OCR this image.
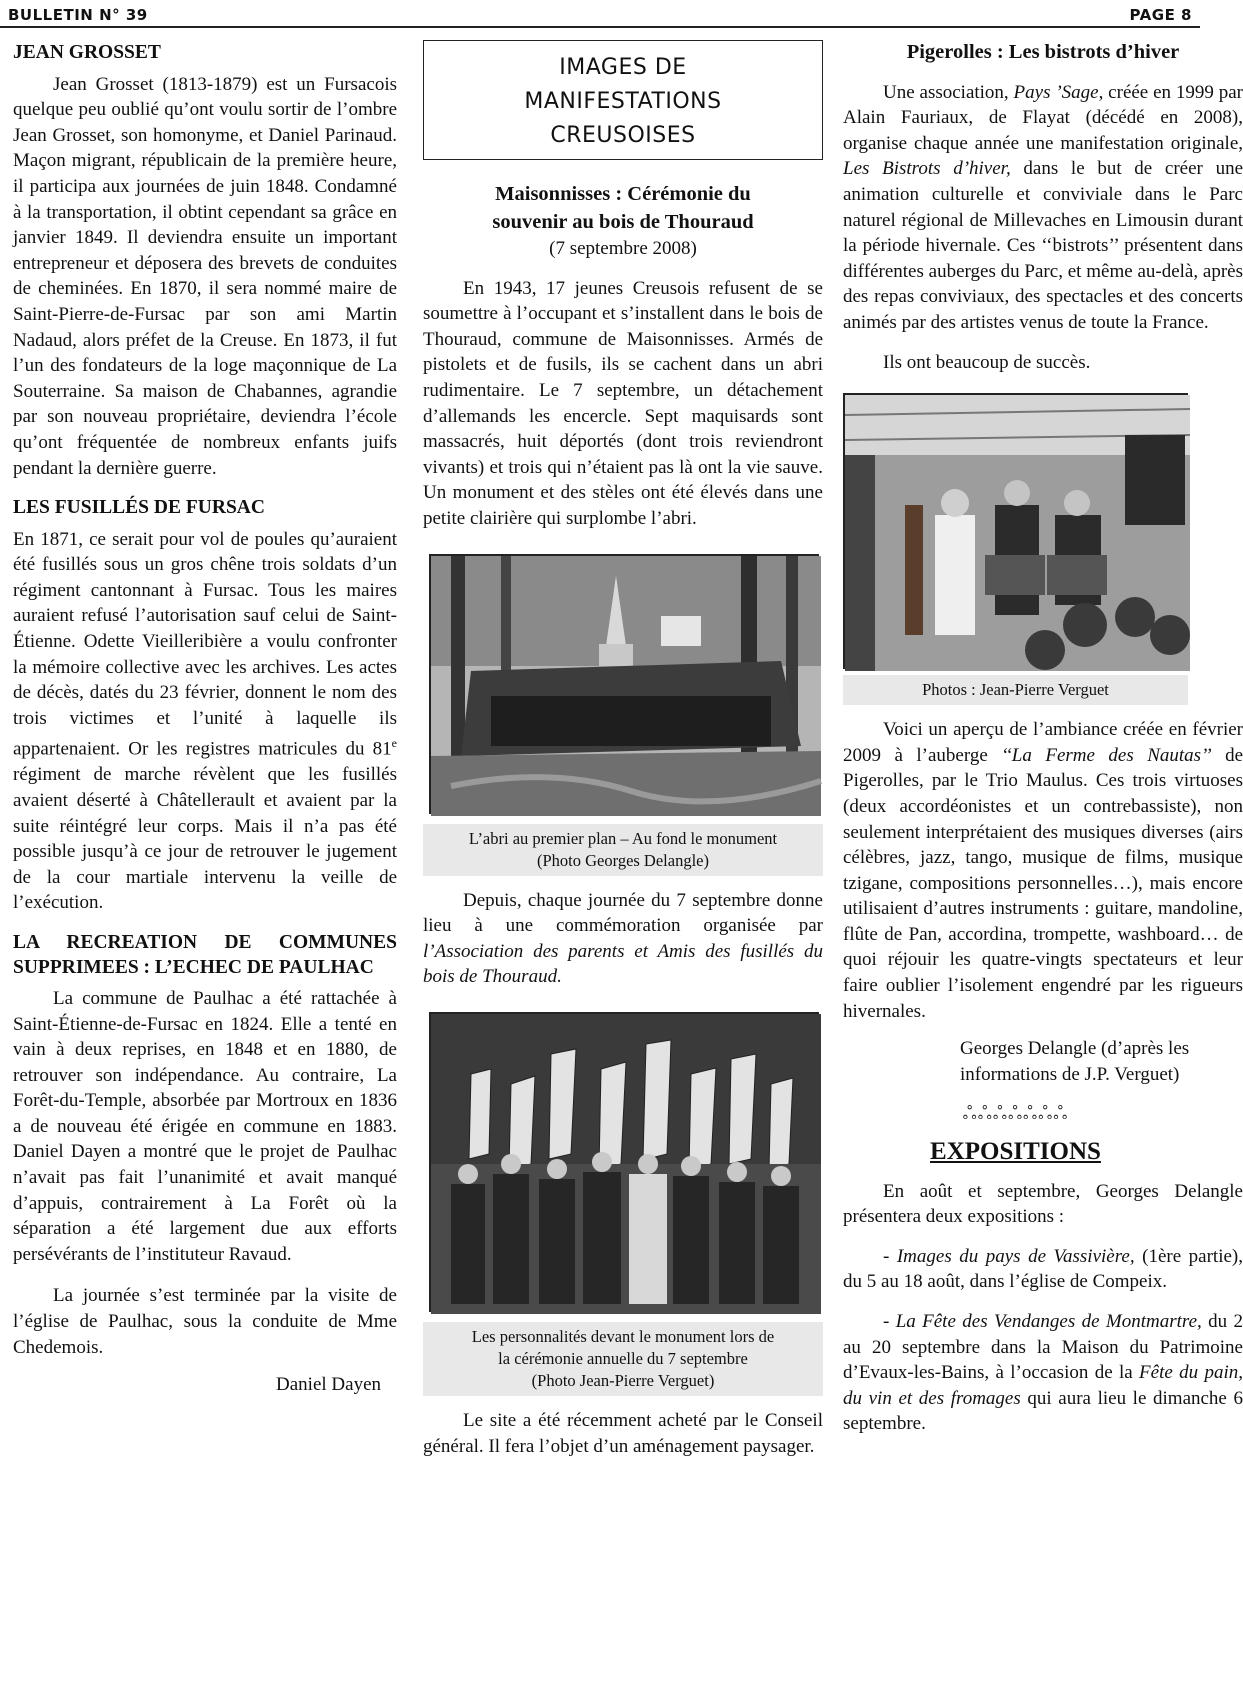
BULLETIN N° 39	PAGE 8
JEAN GROSSET

Jean Grosset (1813-1879) est un Fursacois quelque peu oublié qu’ont voulu sortir de l’ombre Jean Grosset, son homonyme, et Daniel Parinaud. Maçon migrant, républicain de la première heure, il participa aux journées de juin 1848. Condamné à la transportation, il obtint cependant sa grâce en janvier 1849. Il deviendra ensuite un important entrepreneur et déposera des brevets de conduites de cheminées. En 1870, il sera nommé maire de Saint-Pierre-de-Fursac par son ami Martin Nadaud, alors préfet de la Creuse. En 1873, il fut l’un des fondateurs de la loge maçonnique de La Souterraine. Sa maison de Chabannes, agrandie par son nouveau propriétaire, deviendra l’école qu’ont fréquentée de nombreux enfants juifs pendant la dernière guerre.

LES FUSILLÉS DE FURSAC

En 1871, ce serait pour vol de poules qu’auraient été fusillés sous un gros chêne trois soldats d’un régiment cantonnant à Fursac. Tous les maires auraient refusé l’autorisation sauf celui de Saint-Étienne. Odette Vieilleribière a voulu confronter la mémoire collective avec les archives. Les actes de décès, datés du 23 février, donnent le nom des trois victimes et l’unité à laquelle ils appartenaient. Or les registres matricules du 81e régiment de marche révèlent que les fusillés avaient déserté à Châtellerault et avaient par la suite réintégré leur corps. Mais il n’a pas été possible jusqu’à ce jour de retrouver le jugement de la cour martiale intervenu la veille de l’exécution.

LA RECREATION DE COMMUNES SUPPRIMEES : L’ECHEC DE PAULHAC

La commune de Paulhac a été rattachée à Saint-Étienne-de-Fursac en 1824. Elle a tenté en vain à deux reprises, en 1848 et en 1880, de retrouver son indépendance. Au contraire, La Forêt-du-Temple, absorbée par Mortroux en 1836 a de nouveau été érigée en commune en 1883. Daniel Dayen a montré que le projet de Paulhac n’avait pas fait l’unanimité et avait manqué d’appuis, contrairement à La Forêt où la séparation a été largement due aux efforts persévérants de l’instituteur Ravaud.

La journée s’est terminée par la visite de l’église de Paulhac, sous la conduite de Mme Chedemois.

Daniel Dayen

IMAGES DE
MANIFESTATIONS
CREUSOISES
Maisonnisses : Cérémonie du
souvenir au bois de Thouraud
(7 septembre 2008)

En 1943, 17 jeunes Creusois refusent de se soumettre à l’occupant et s’installent dans le bois de Thouraud, commune de Maisonnisses. Armés de pistolets et de fusils, ils se cachent dans un abri rudimentaire. Le 7 septembre, un détachement d’allemands les encercle. Sept maquisards sont massacrés, huit déportés (dont trois reviendront vivants) et trois qui n’étaient pas là ont la vie sauve. Un monument et des stèles ont été élevés dans une petite clairière qui surplombe l’abri.

L’abri au premier plan – Au fond le monument
(Photo Georges Delangle)

Depuis, chaque journée du 7 septembre donne lieu à une commémoration organisée par l’Association des parents et Amis des fusillés du bois de Thouraud.

Les personnalités devant le monument lors de
la cérémonie annuelle du 7 septembre
(Photo Jean-Pierre Verguet)

Le site a été récemment acheté par le Conseil général. Il fera l’objet d’un aménagement paysager.

Pigerolles : Les bistrots d’hiver

Une association, Pays ’Sage, créée en 1999 par Alain Fauriaux, de Flayat (décédé en 2008), organise chaque année une manifestation originale, Les Bistrots d’hiver, dans le but de créer une animation culturelle et conviviale dans le Parc naturel régional de Millevaches en Limousin durant la période hivernale. Ces ‘‘bistrots’’ présentent dans différentes auberges du Parc, et même au-delà, après des repas conviviaux, des spectacles et des concerts animés par des artistes venus de toute la France.

Ils ont beaucoup de succès.

Photos : Jean-Pierre Verguet

Voici un aperçu de l’ambiance créée en février 2009 à l’auberge ‘‘La Ferme des Nautas’’ de Pigerolles, par le Trio Maulus. Ces trois virtuoses (deux accordéonistes et un contrebassiste), non seulement interprétaient des musiques diverses (airs célèbres, jazz, tango, musique de films, musique tzigane, compositions personnelles…), mais encore utilisaient d’autres instruments : guitare, mandoline, flûte de Pan, accordina, trompette, washboard… de quoi réjouir les quatre-vingts spectateurs et leur faire oublier l’isolement engendré par les rigueurs hivernales.

Georges Delangle (d’après les
informations de J.P. Verguet)
ஃஃஃஃஃஃஃ
EXPOSITIONS

En août et septembre, Georges Delangle présentera deux expositions :

- Images du pays de Vassivière, (1ère partie), du 5 au 18 août, dans l’église de Compeix.

- La Fête des Vendanges de Montmartre, du 2 au 20 septembre dans la Maison du Patrimoine d’Evaux-les-Bains, à l’occasion de la Fête du pain, du vin et des fromages qui aura lieu le dimanche 6 septembre.
